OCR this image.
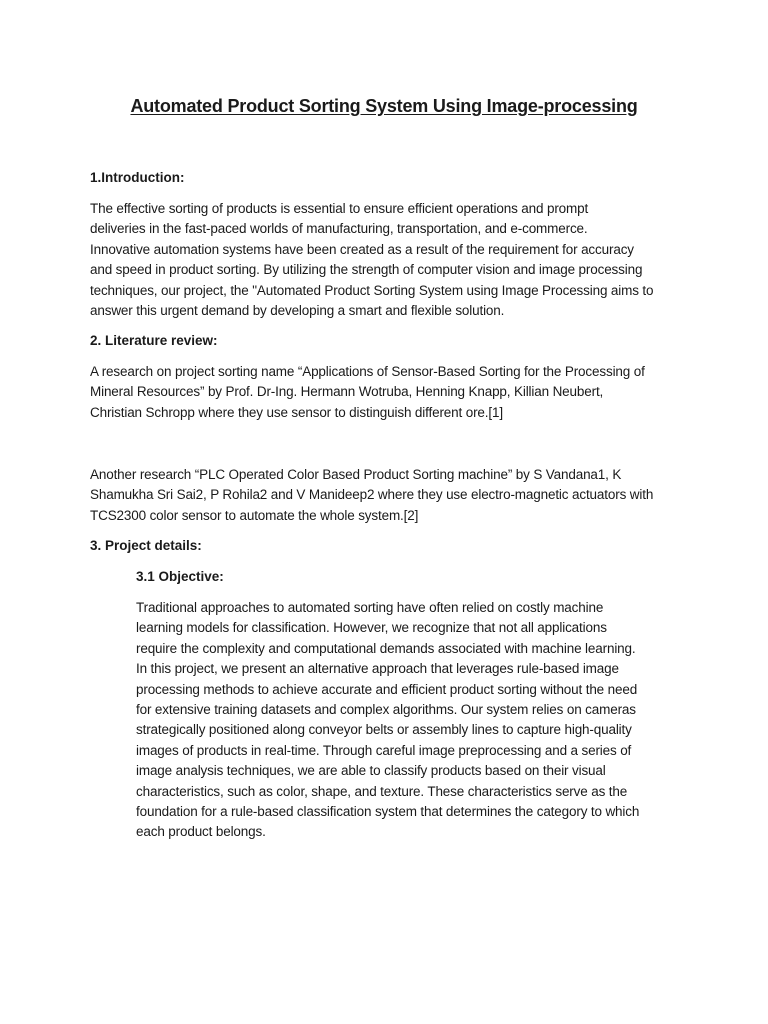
Automated Product Sorting System Using Image-processing
1.Introduction:
The effective sorting of products is essential to ensure efficient operations and prompt
deliveries in the fast-paced worlds of manufacturing, transportation, and e-commerce.
Innovative automation systems have been created as a result of the requirement for accuracy
and speed in product sorting. By utilizing the strength of computer vision and image processing
techniques, our project, the "Automated Product Sorting System using Image Processing aims to
answer this urgent demand by developing a smart and flexible solution.
2. Literature review:
A research on project sorting name “Applications of Sensor-Based Sorting for the Processing of
Mineral Resources” by Prof. Dr-Ing. Hermann Wotruba, Henning Knapp, Killian Neubert,
Christian Schropp where they use sensor to distinguish different ore.[1]
Another research “PLC Operated Color Based Product Sorting machine” by S Vandana1, K
Shamukha Sri Sai2, P Rohila2 and V Manideep2 where they use electro-magnetic actuators with
TCS2300 color sensor to automate the whole system.[2]
3. Project details:
3.1 Objective:
Traditional approaches to automated sorting have often relied on costly machine
learning models for classification. However, we recognize that not all applications
require the complexity and computational demands associated with machine learning.
In this project, we present an alternative approach that leverages rule-based image
processing methods to achieve accurate and efficient product sorting without the need
for extensive training datasets and complex algorithms. Our system relies on cameras
strategically positioned along conveyor belts or assembly lines to capture high-quality
images of products in real-time. Through careful image preprocessing and a series of
image analysis techniques, we are able to classify products based on their visual
characteristics, such as color, shape, and texture. These characteristics serve as the
foundation for a rule-based classification system that determines the category to which
each product belongs.
